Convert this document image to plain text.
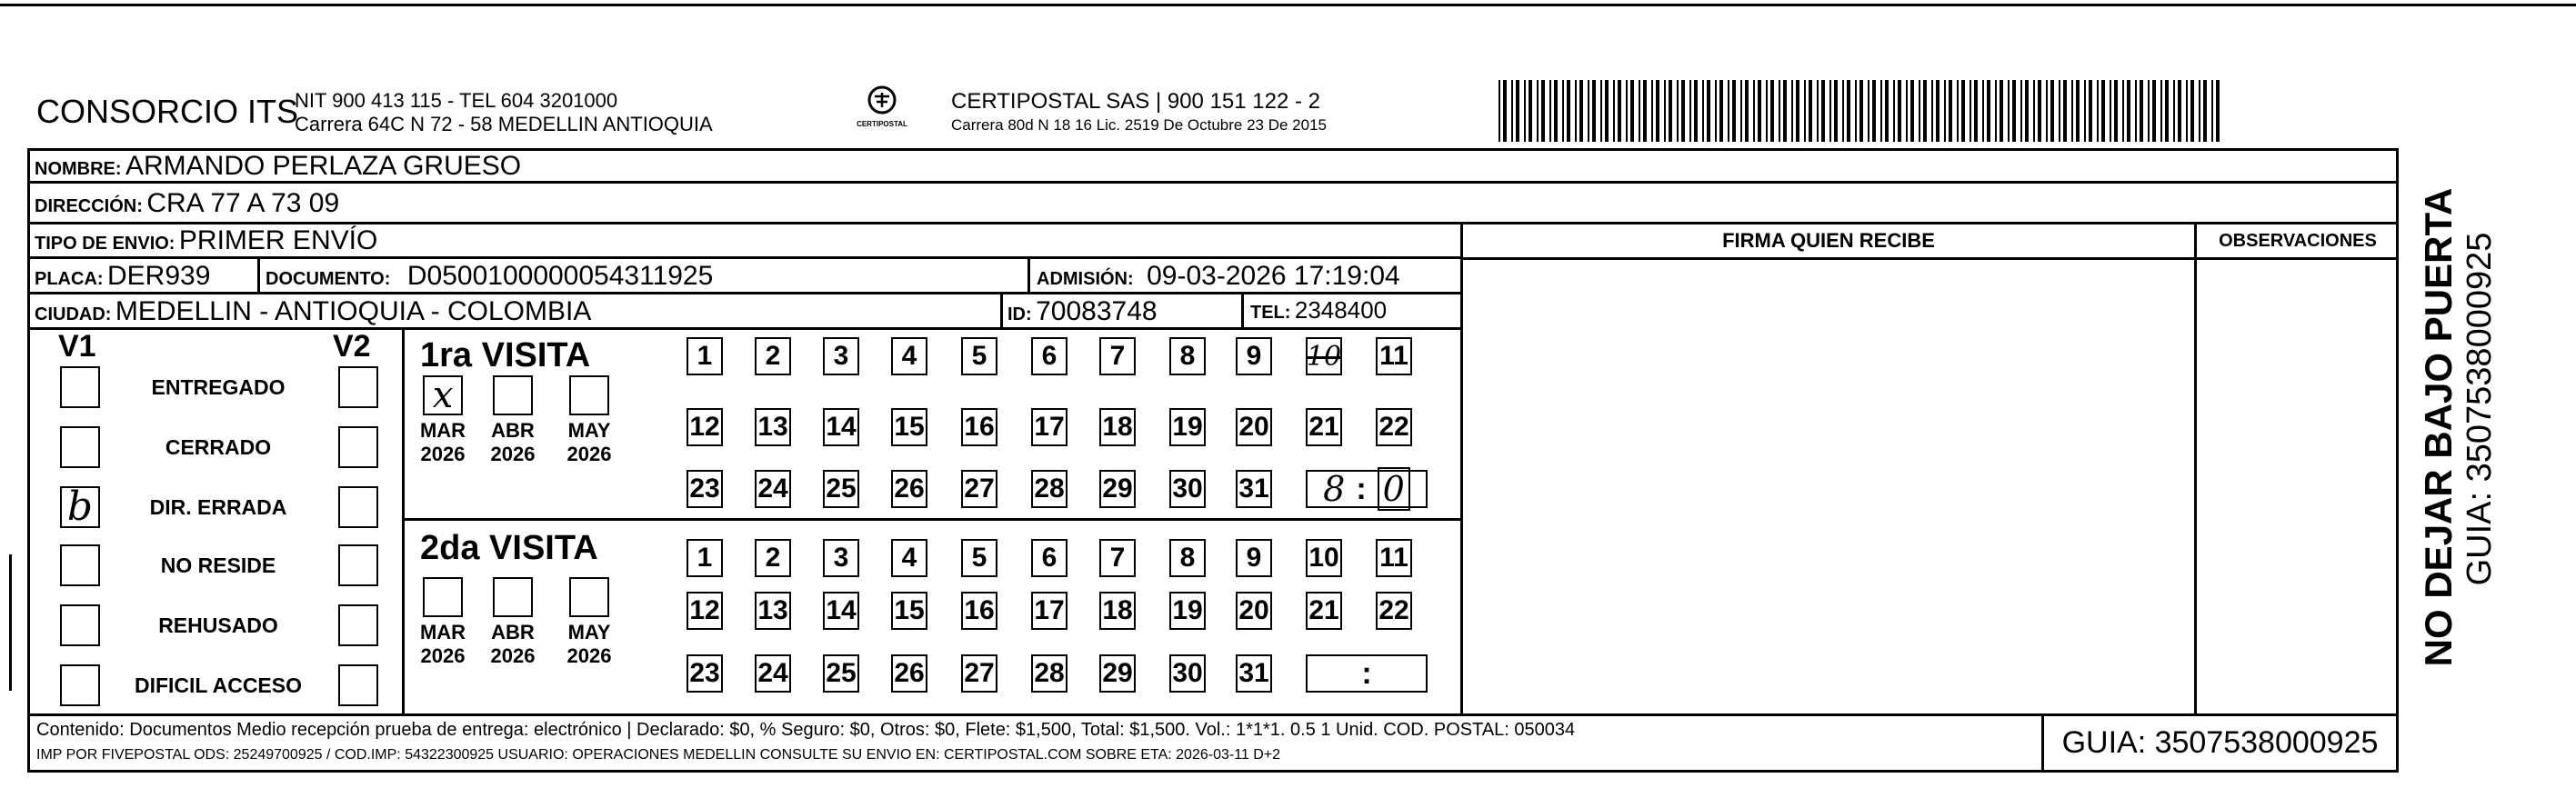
CONSORCIO ITS
NIT 900 413 115 - TEL 604 3201000
Carrera 64C N 72 - 58 MEDELLIN ANTIOQUIA	CERTIPOSTAL
CERTIPOSTAL SAS | 900 151 122 - 2
Carrera 80d N 18 16 Lic. 2519 De Octubre 23 De 2015
NOMBRE: ARMANDO PERLAZA GRUESO
DIRECCIÓN: CRA 77 A 73 09
TIPO DE ENVIO: PRIMER ENVÍO
PLACA: DER939	DOCUMENTO: D0500100000054311925	ADMISIÓN: 09-03-2026 17:19:04
CIUDAD: MEDELLIN - ANTIOQUIA - COLOMBIA	ID: 70083748	TEL: 2348400
FIRMA QUIEN RECIBE	OBSERVACIONES
V1	V2 1ra VISITA
2da VISITA
Contenido: Documentos Medio recepción prueba de entrega: electrónico | Declarado: $0, % Seguro: $0, Otros: $0, Flete: $1,500, Total: $1,500. Vol.: 1*1*1. 0.5 1 Unid. COD. POSTAL: 050034
IMP POR FIVEPOSTAL ODS: 25249700925 / COD.IMP: 54322300925 USUARIO: OPERACIONES MEDELLIN CONSULTE SU ENVIO EN: CERTIPOSTAL.COM SOBRE ETA: 2026-03-11 D+2	GUIA: 3507538000925
NO DEJAR BAJO PUERTA GUIA: 3507538000925
ENTREGADO
CERRADO
b	DIR. ERRADA
NO RESIDE
REHUSADO
DIFICIL ACCESO
x
MAR
2026
ABR
2026
MAY
2026
1	2	3	4	5	6	7	8	9	10 11
12 13 14 15 16 17 18 19 20 21 22
23 24 25 26 27 28 29 30 31 8 : 0
MAR
2026
ABR
2026
MAY
2026
1	2	3	4	5	6	7	8	9	10 11
12 13 14 15 16 17 18 19 20 21 22
23 24 25 26 27 28 29 30 31	:
